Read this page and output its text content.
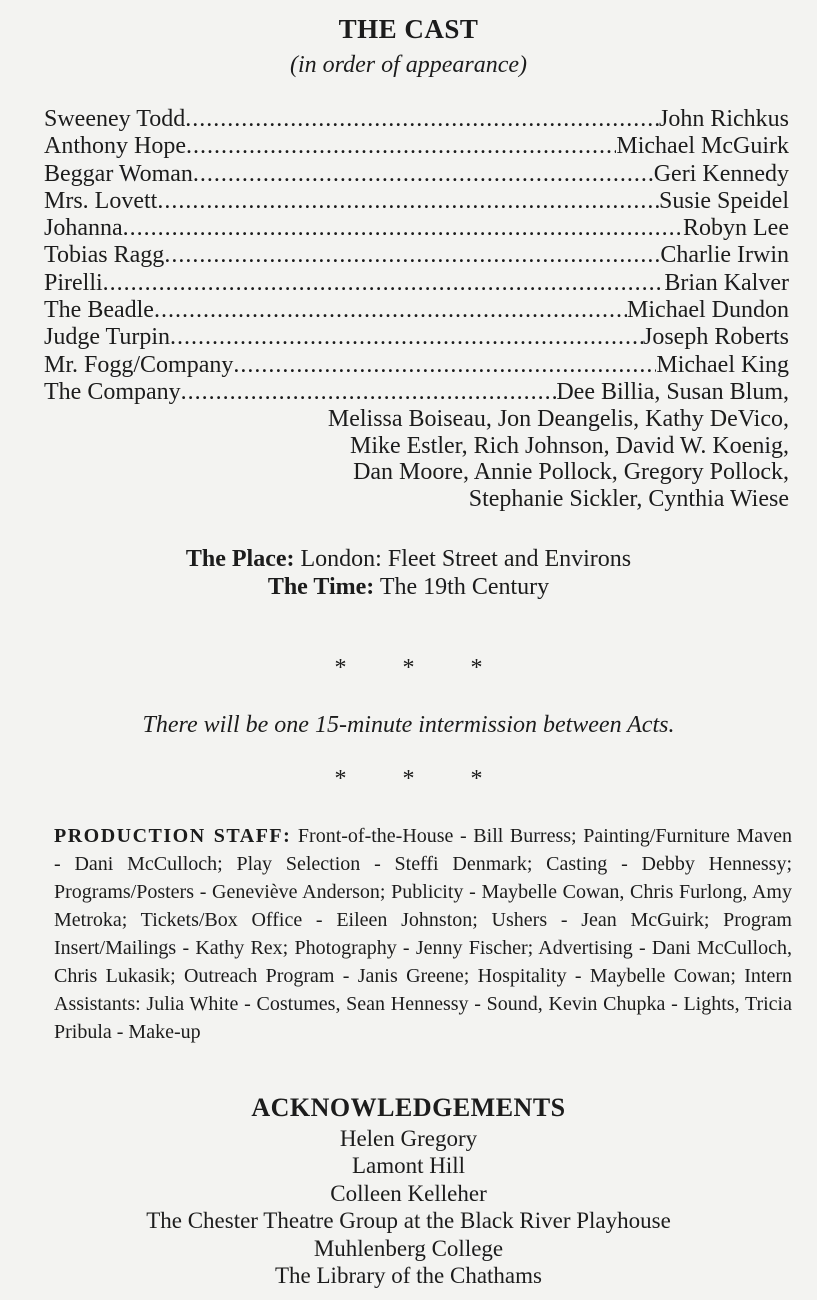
THE CAST
(in order of appearance)
Sweeney Todd .....	John Richkus
Anthony Hope .....	Michael McGuirk
Beggar Woman .....	Geri Kennedy
Mrs. Lovett .....	Susie Speidel
Johanna .....	Robyn Lee
Tobias Ragg .....	Charlie Irwin
Pirelli .....	Brian Kalver
The Beadle .....	Michael Dundon
Judge Turpin .....	Joseph Roberts
Mr. Fogg/Company .....	Michael King
The Company .....	Dee Billia, Susan Blum,
Melissa Boiseau, Jon Deangelis, Kathy DeVico,
Mike Estler, Rich Johnson, David W. Koenig,
Dan Moore, Annie Pollock, Gregory Pollock,
Stephanie Sickler, Cynthia Wiese
The Place: London: Fleet Street and Environs
The Time: The 19th Century
* * *
There will be one 15-minute intermission between Acts.
* * *
PRODUCTION STAFF: Front-of-the-House - Bill Burress; Painting/Furniture Maven - Dani McCulloch; Play Selection - Steffi Denmark; Casting - Debby Hennessy; Programs/Posters - Geneviève Anderson; Publicity - Maybelle Cowan, Chris Furlong, Amy Metroka; Tickets/Box Office - Eileen Johnston; Ushers - Jean McGuirk; Program Insert/Mailings - Kathy Rex; Photography - Jenny Fischer; Advertising - Dani McCulloch, Chris Lukasik; Outreach Program - Janis Greene; Hospitality - Maybelle Cowan; Intern Assistants: Julia White - Costumes, Sean Hennessy - Sound, Kevin Chupka - Lights, Tricia Pribula - Make-up
ACKNOWLEDGEMENTS
Helen Gregory
Lamont Hill
Colleen Kelleher
The Chester Theatre Group at the Black River Playhouse
Muhlenberg College
The Library of the Chathams
